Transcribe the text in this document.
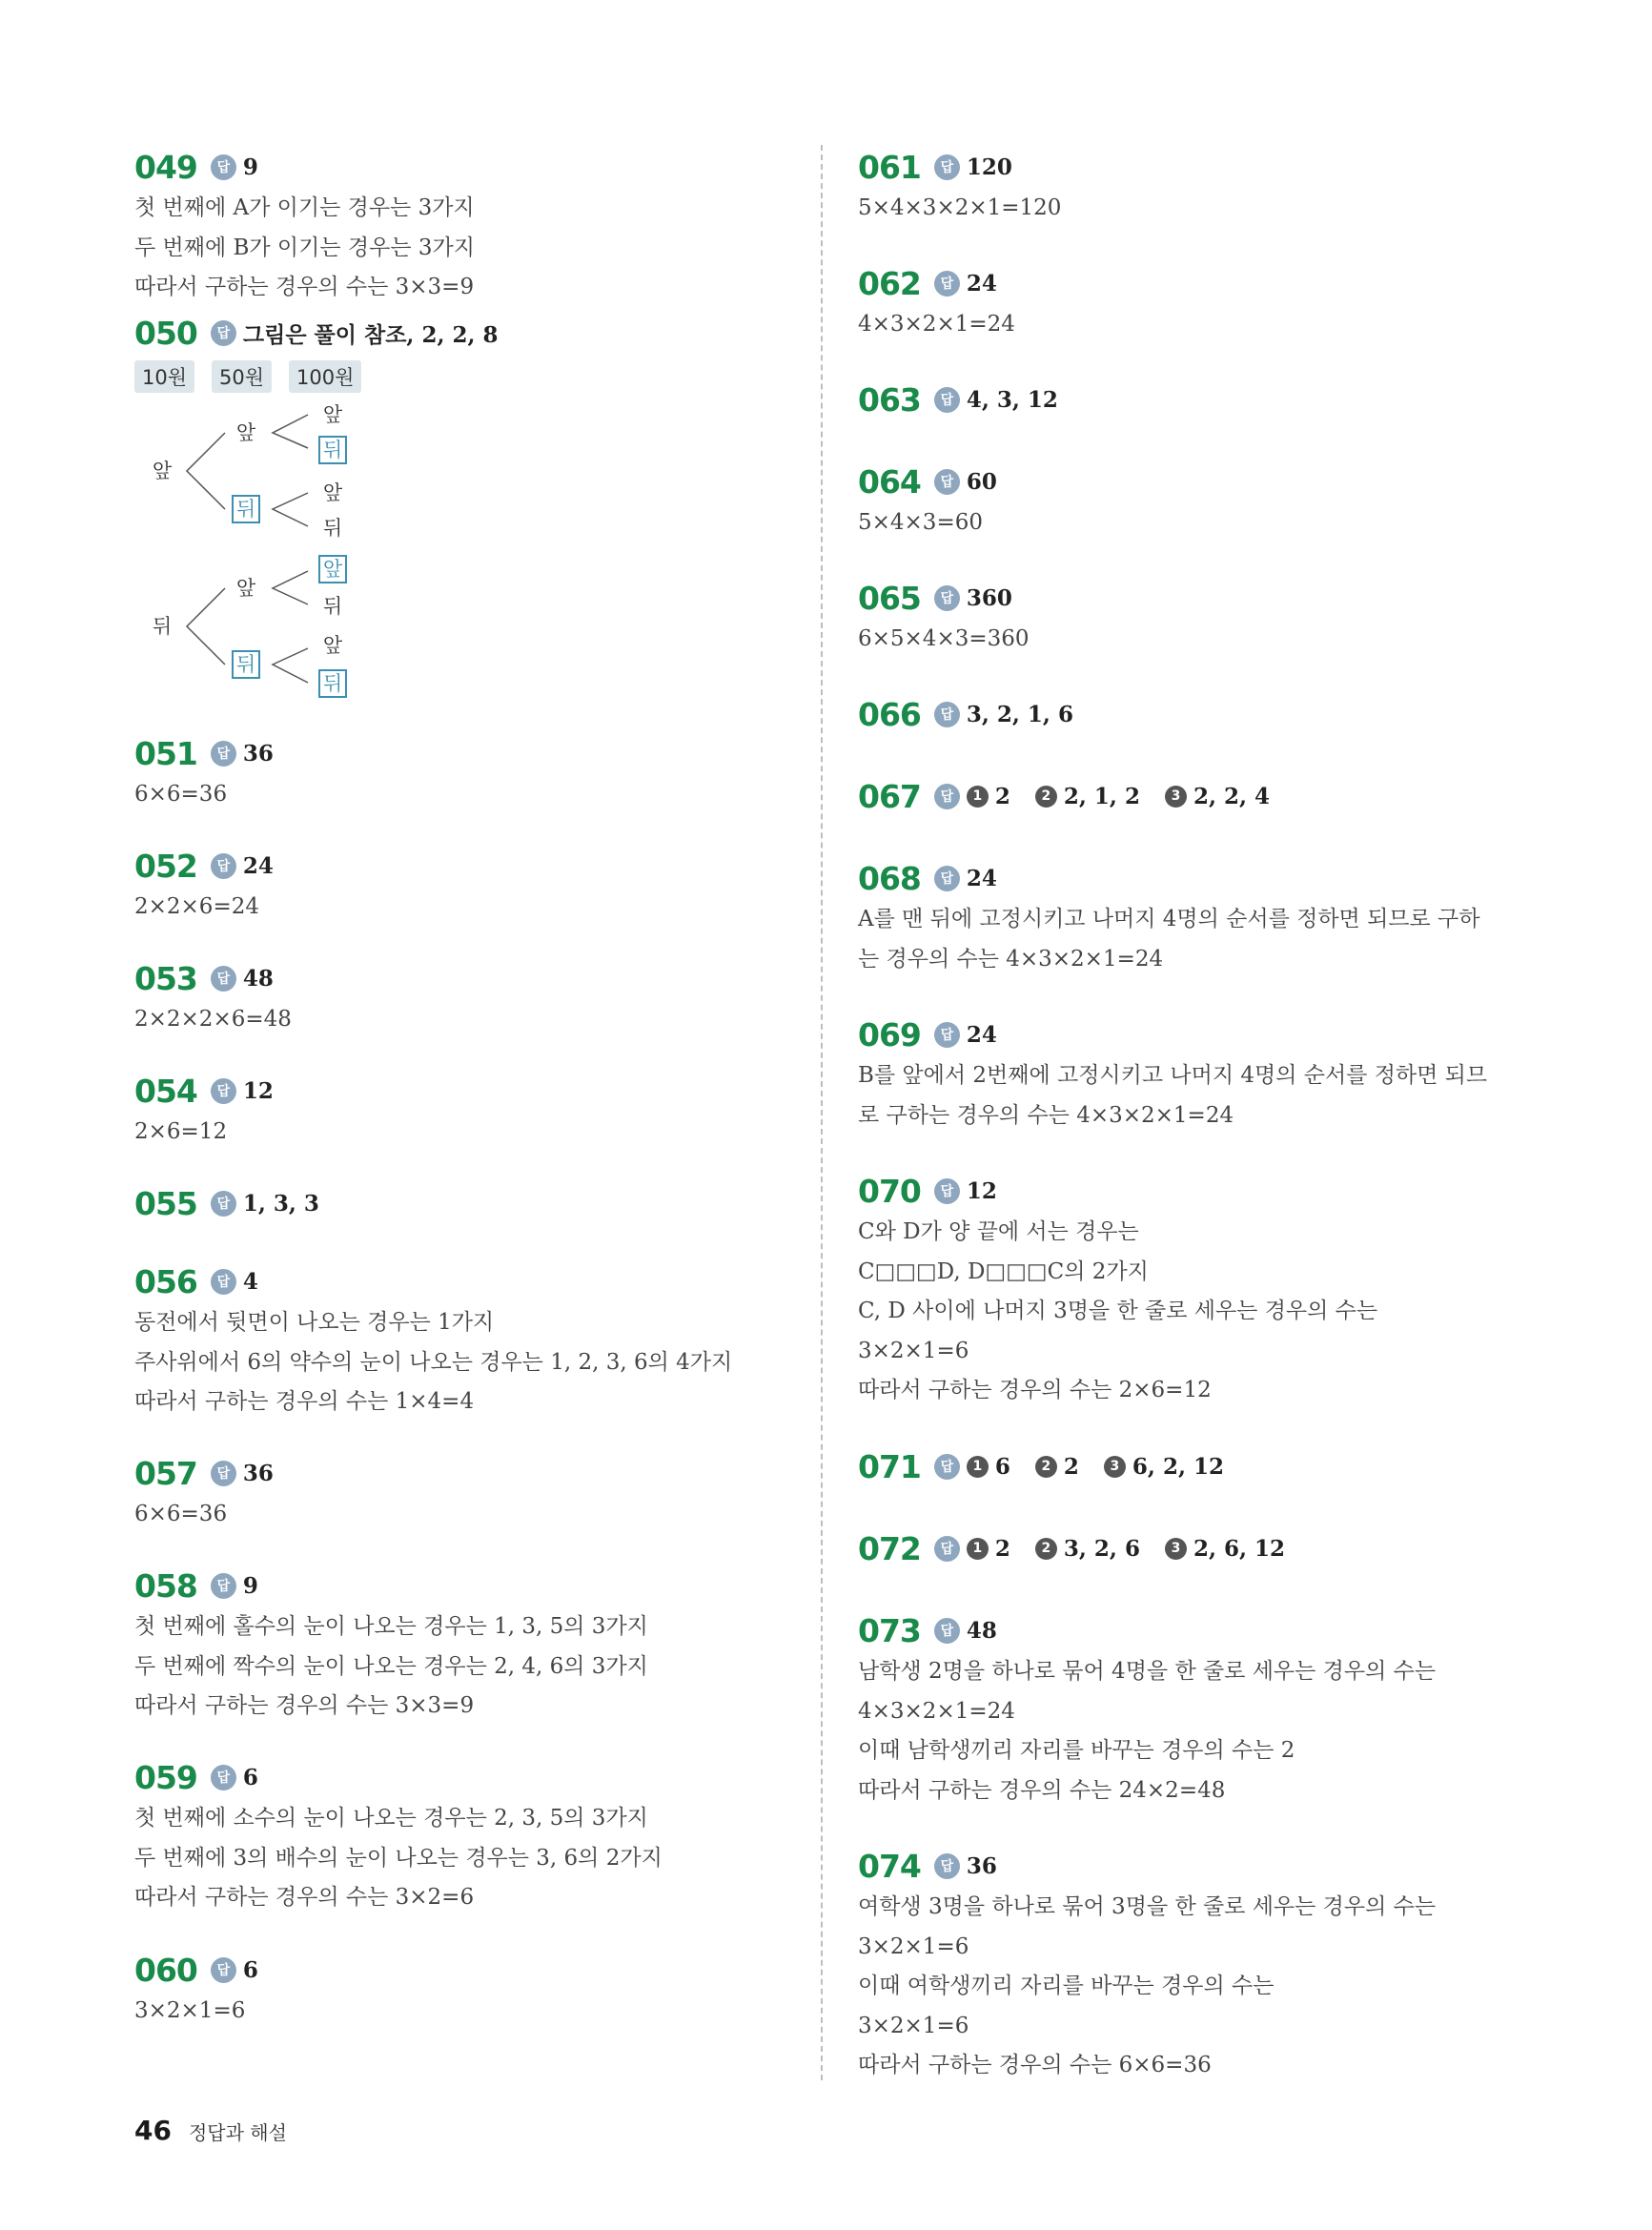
049	답 9
첫 번째에 A가 이기는 경우는 3가지
두 번째에 B가 이기는 경우는 3가지
따라서 구하는 경우의 수는 3×3=9
050	답 그림은 풀이 참조, 2, 2, 8
10원	50원	100원
앞
뒤
앞
뒤
앞
뒤
앞
뒤
앞
뒤
앞
뒤
앞
뒤
051	답 36
6×6=36
052	답 24
2×2×6=24
053	답 48
2×2×2×6=48
054	답 12
2×6=12
055	답 1, 3, 3
056	답 4
동전에서 뒷면이 나오는 경우는 1가지
주사위에서 6의 약수의 눈이 나오는 경우는 1, 2, 3, 6의 4가지
따라서 구하는 경우의 수는 1×4=4
057	답 36
6×6=36
058	답 9
첫 번째에 홀수의 눈이 나오는 경우는 1, 3, 5의 3가지
두 번째에 짝수의 눈이 나오는 경우는 2, 4, 6의 3가지
따라서 구하는 경우의 수는 3×3=9
059	답 6
첫 번째에 소수의 눈이 나오는 경우는 2, 3, 5의 3가지
두 번째에 3의 배수의 눈이 나오는 경우는 3, 6의 2가지
따라서 구하는 경우의 수는 3×2=6
060	답 6
3×2×1=6
061	답 120
5×4×3×2×1=120
062	답 24
4×3×2×1=24
063	답 4, 3, 12
064	답 60
5×4×3=60
065	답 360
6×5×4×3=360
066	답 3, 2, 1, 6
067	답	1 2	2 2, 1, 2	3 2, 2, 4
068	답 24
A를 맨 뒤에 고정시키고 나머지 4명의 순서를 정하면 되므로 구하
는 경우의 수는 4×3×2×1=24
069	답 24
B를 앞에서 2번째에 고정시키고 나머지 4명의 순서를 정하면 되므
로 구하는 경우의 수는 4×3×2×1=24
070	답 12
C와 D가 양 끝에 서는 경우는
C□□□D, D□□□C의 2가지
C, D 사이에 나머지 3명을 한 줄로 세우는 경우의 수는
3×2×1=6
따라서 구하는 경우의 수는 2×6=12
071	답	1 6	2 2	3 6, 2, 12
072	답	1 2	2 3, 2, 6	3 2, 6, 12
073	답 48
남학생 2명을 하나로 묶어 4명을 한 줄로 세우는 경우의 수는
4×3×2×1=24
이때 남학생끼리 자리를 바꾸는 경우의 수는 2
따라서 구하는 경우의 수는 24×2=48
074	답 36
여학생 3명을 하나로 묶어 3명을 한 줄로 세우는 경우의 수는
3×2×1=6
이때 여학생끼리 자리를 바꾸는 경우의 수는
3×2×1=6
따라서 구하는 경우의 수는 6×6=36
46 정답과 해설
